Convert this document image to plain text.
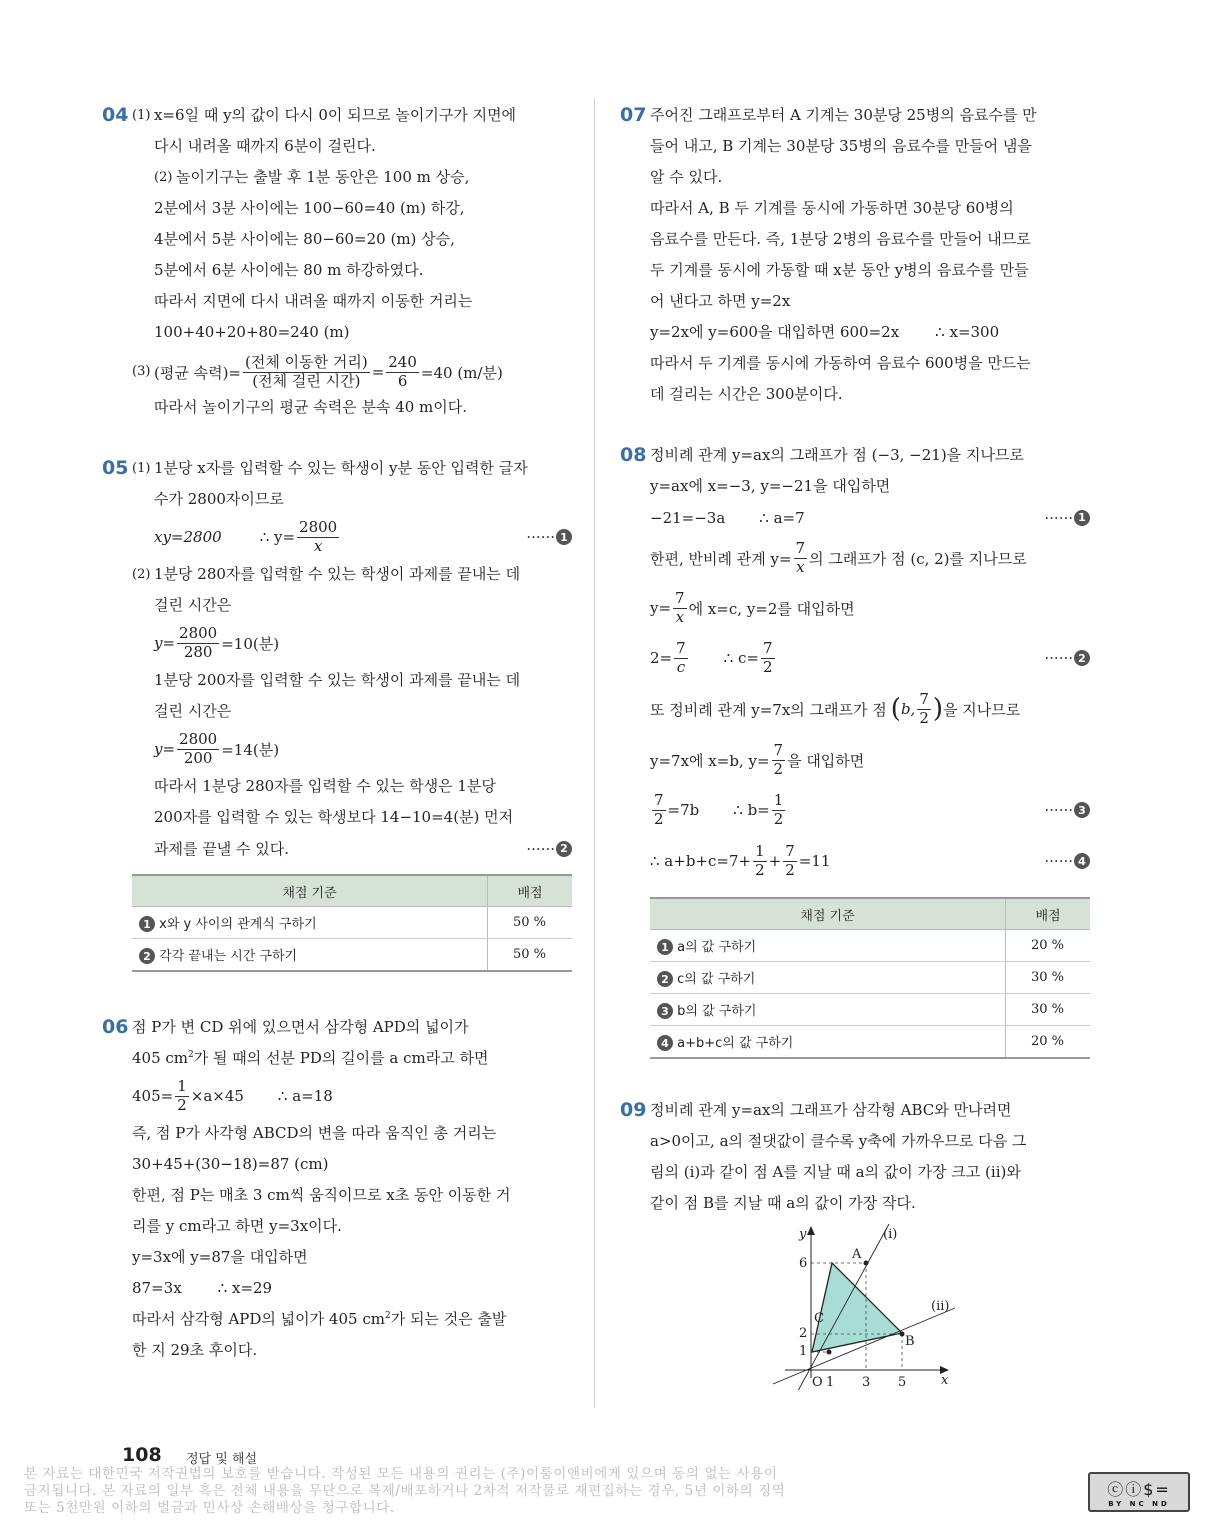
04 (1) x=6일 때 y의 값이 다시 0이 되므로 놀이기구가 지면에
다시 내려올 때까지 6분이 걸린다.
(2) 놀이기구는 출발 후 1분 동안은 100 m 상승,
2분에서 3분 사이에는 100−60=40 (m) 하강,
4분에서 5분 사이에는 80−60=20 (m) 상승,
5분에서 6분 사이에는 80 m 하강하였다.
따라서 지면에 다시 내려올 때까지 이동한 거리는
100+40+20+80=240 (m)
(3) (평균 속력)= $\frac{\text{(전체 이동한 거리)}}{\text{(전체 걸린 시간)}} = \frac{240}{6} =40$ (m/분)
따라서 놀이기구의 평균 속력은 분속 40 m이다.
05 (1) 1분당 x자를 입력할 수 있는 학생이 y분 동안 입력한 글자
수가 2800자이므로
xy=2800	∴ $y= \frac{2800}{x}$	······ 1
(2) 1분당 280자를 입력할 수 있는 학생이 과제를 끝내는 데
걸린 시간은
$y= \frac{2800}{280} =10$(분)
1분당 200자를 입력할 수 있는 학생이 과제를 끝내는 데
걸린 시간은
$y= \frac{2800}{200} =14$(분)
따라서 1분당 280자를 입력할 수 있는 학생은 1분당
200자를 입력할 수 있는 학생보다 14−10=4(분) 먼저
과제를 끝낼 수 있다.	······ 2
채점 기준	배점
1 x와 y 사이의 관계식 구하기	50 %
2 각각 끝내는 시간 구하기	50 %
06 점 P가 변 CD 위에 있으면서 삼각형 APD의 넓이가
405 $cm^2$가 될 때의 선분 PD의 길이를 a cm라고 하면
$405= \frac{1}{2} \times a\times 45$ ∴ a=18
즉, 점 P가 사각형 ABCD의 변을 따라 움직인 총 거리는
30+45+(30−18)=87 (cm)
한편, 점 P는 매초 3 cm씩 움직이므로 x초 동안 이동한 거
리를 y cm라고 하면 y=3x이다.
y=3x에 y=87을 대입하면
87=3x ∴ x=29
따라서 삼각형 APD의 넓이가 405 $cm^2$가 되는 것은 출발
한 지 29초 후이다.
07 주어진 그래프로부터 A 기계는 30분당 25병의 음료수를 만
들어 내고, B 기계는 30분당 35병의 음료수를 만들어 냄을
알 수 있다.
따라서 A, B 두 기계를 동시에 가동하면 30분당 60병의
음료수를 만든다. 즉, 1분당 2병의 음료수를 만들어 내므로
두 기계를 동시에 가동할 때 x분 동안 y병의 음료수를 만들
어 낸다고 하면 y=2x
y=2x에 y=600을 대입하면 600=2x ∴ x=300
따라서 두 기계를 동시에 가동하여 음료수 600병을 만드는
데 걸리는 시간은 300분이다.
08 정비례 관계 y=ax의 그래프가 점 (−3, −21)을 지나므로
y=ax에 x=−3, y=−21을 대입하면
−21=−3a ∴ a=7	······ 1
한편, 반비례 관계 $y= \frac{7}{x}$ 의 그래프가 점 (c, 2)를 지나므로
$y= \frac{7}{x}$ 에 x=c, y=2를 대입하면
$2= \frac{7}{c}$ ∴ $c= \frac{7}{2}$	······ 2
또 정비례 관계 y=7x의 그래프가 점 ( b, $\frac{7}{2}$ ) 을 지나므로
y=7x에 x=b, $y= \frac{7}{2}$ 을 대입하면
$\frac{7}{2} =7b$ ∴ $b= \frac{1}{2}$	······ 3
∴ $a+b+c=7+ \frac{1}{2} + \frac{7}{2} =11$	······ 4
채점 기준	배점
1 a의 값 구하기	20 %
2 c의 값 구하기	30 %
3 b의 값 구하기	30 %
4 a+b+c의 값 구하기	20 %
09 정비례 관계 y=ax의 그래프가 삼각형 ABC와 만나려면
a>0이고, a의 절댓값이 클수록 y축에 가까우므로 다음 그
림의 (i)과 같이 점 A를 지날 때 a의 값이 가장 크고 (ii)와
같이 점 B를 지날 때 a의 값이 가장 작다.
y
x
O
(i)
(ii)
A
B
C
6
2
1
1 3 5
108 정답 및 해설
본 자료는 대한민국 저작권법의 보호를 받습니다. 작성된 모든 내용의 권리는 (주)이룸이앤비에게 있으며 동의 없는 사용이
금지됩니다. 본 자료의 일부 혹은 전체 내용을 무단으로 복제/배포하거나 2차적 저작물로 재편집하는 경우, 5년 이하의 징역
또는 5천만원 이하의 벌금과 민사상 손해배상을 청구합니다.
ⓒⓘ$=
BY NC ND
